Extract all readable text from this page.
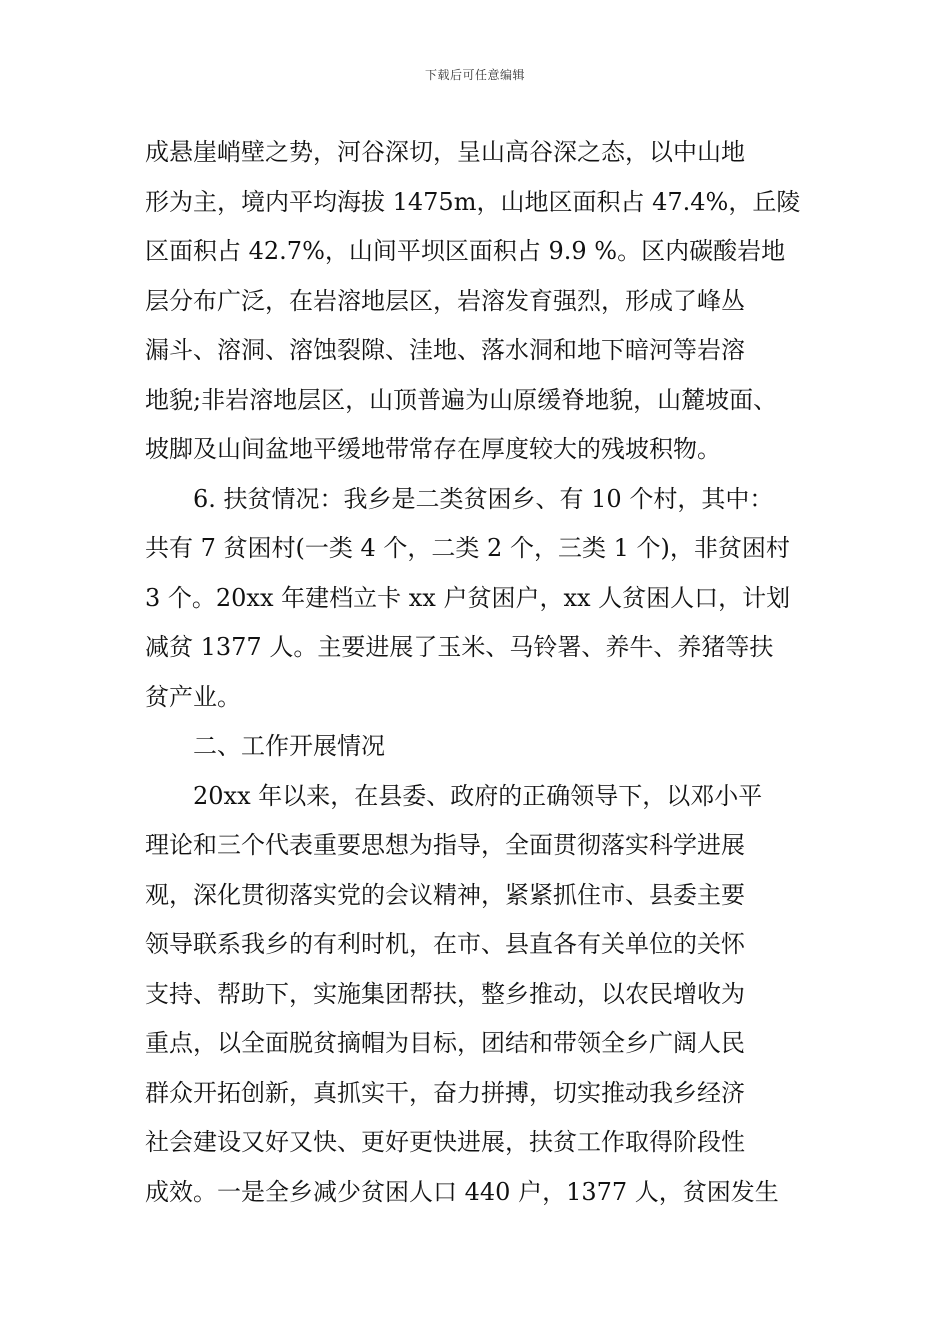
下载后可任意编辑
成悬崖峭壁之势，河谷深切，呈山高谷深之态，以中山地
形为主，境内平均海拔 1475m，山地区面积占 47.4%，丘陵
区面积占 42.7%，山间平坝区面积占 9.9 %。区内碳酸岩地
层分布广泛，在岩溶地层区，岩溶发育强烈，形成了峰丛
漏斗、溶洞、溶蚀裂隙、洼地、落水洞和地下暗河等岩溶
地貌;非岩溶地层区，山顶普遍为山原缓脊地貌，山麓坡面、
坡脚及山间盆地平缓地带常存在厚度较大的残坡积物。
6. 扶贫情况：我乡是二类贫困乡、有 10 个村，其中：
共有 7 贫困村(一类 4 个，二类 2 个，三类 1 个)，非贫困村
3 个。20xx 年建档立卡 xx 户贫困户，xx 人贫困人口，计划
减贫 1377 人。主要进展了玉米、马铃署、养牛、养猪等扶
贫产业。
二、工作开展情况
20xx 年以来，在县委、政府的正确领导下，以邓小平
理论和三个代表重要思想为指导，全面贯彻落实科学进展
观，深化贯彻落实党的会议精神，紧紧抓住市、县委主要
领导联系我乡的有利时机，在市、县直各有关单位的关怀
支持、帮助下，实施集团帮扶，整乡推动，以农民增收为
重点，以全面脱贫摘帽为目标，团结和带领全乡广阔人民
群众开拓创新，真抓实干，奋力拼搏，切实推动我乡经济
社会建设又好又快、更好更快进展，扶贫工作取得阶段性
成效。一是全乡减少贫困人口 440 户，1377 人，贫困发生
